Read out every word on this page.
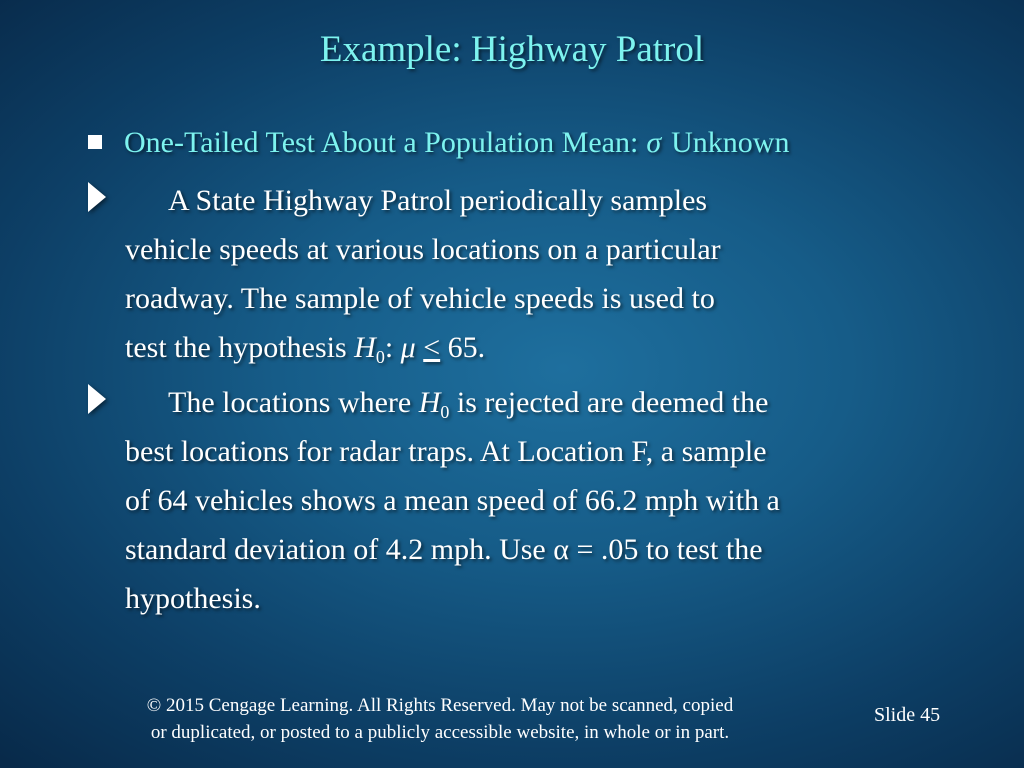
Example: Highway Patrol
One-Tailed Test About a Population Mean: σ Unknown
A State Highway Patrol periodically samples
vehicle speeds at various locations on a particular
roadway. The sample of vehicle speeds is used to
test the hypothesis $H_0$: μ ≤ 65.
The locations where $H_0$ is rejected are deemed the
best locations for radar traps. At Location F, a sample
of 64 vehicles shows a mean speed of 66.2 mph with a
standard deviation of 4.2 mph. Use α = .05 to test the
hypothesis.
© 2015 Cengage Learning. All Rights Reserved. May not be scanned, copied
or duplicated, or posted to a publicly accessible website, in whole or in part.
Slide 45
